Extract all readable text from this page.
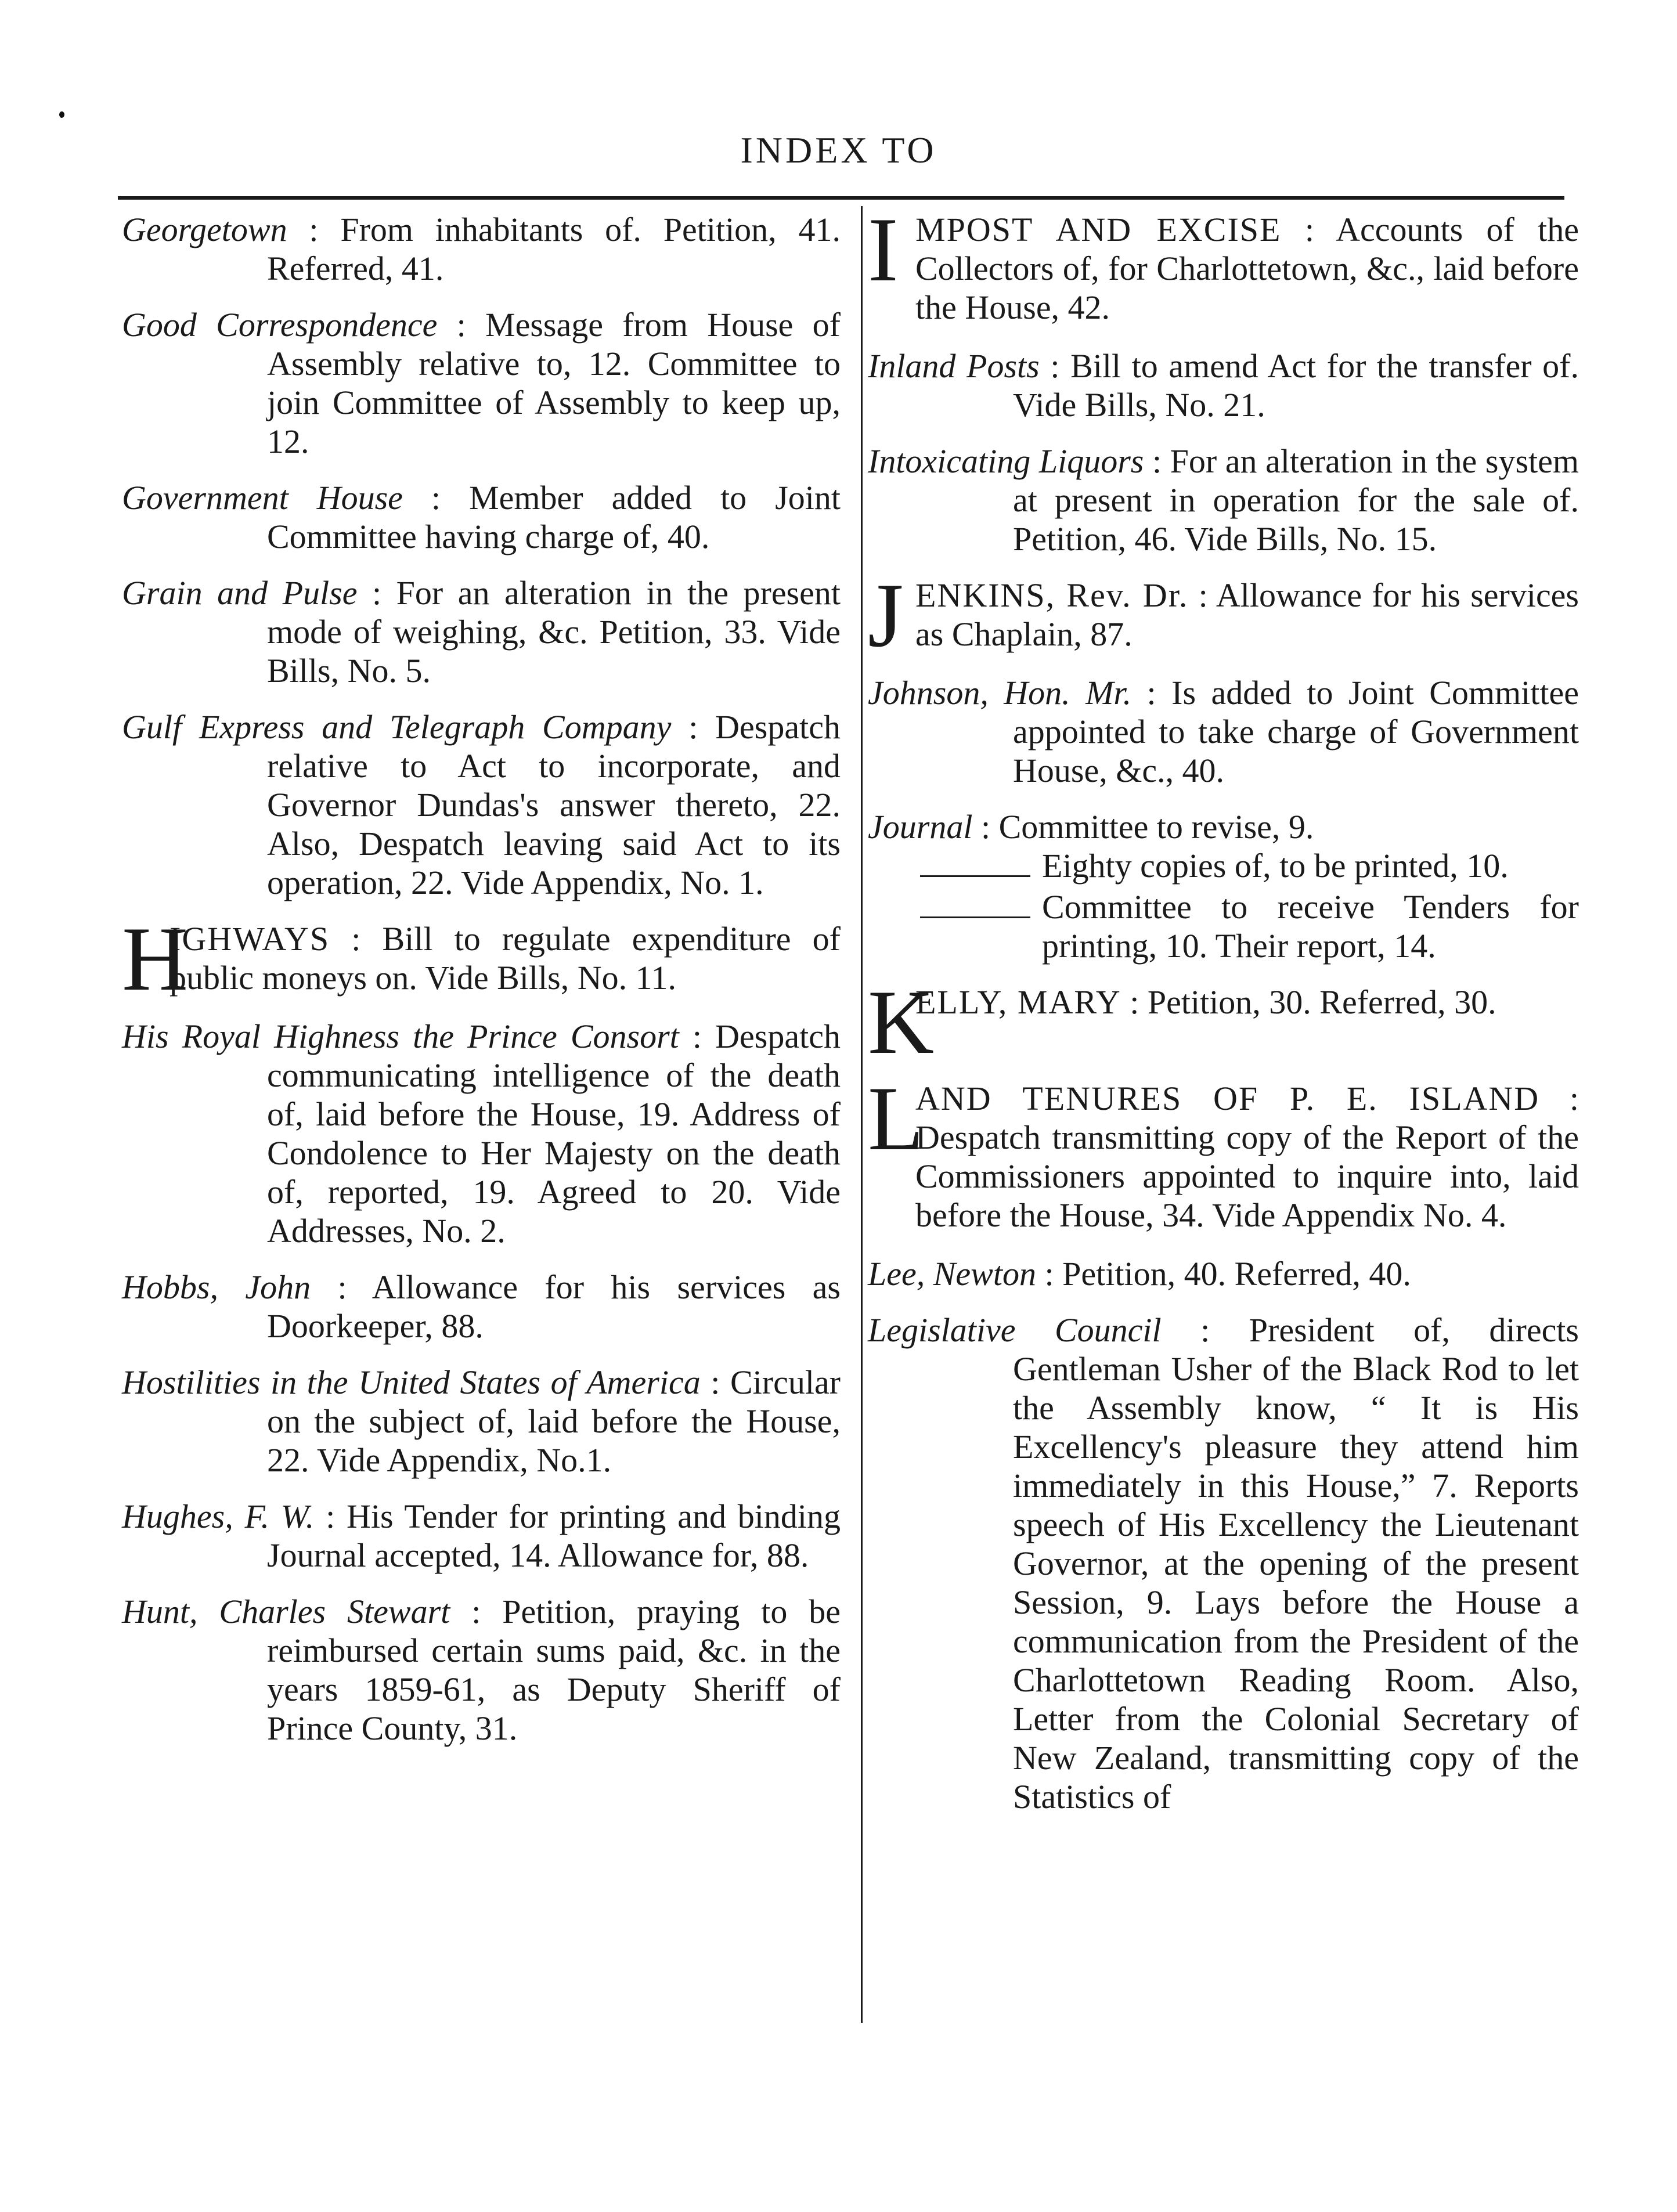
INDEX TO

Georgetown : From inhabitants of. Petition, 41. Referred, 41.

Good Correspondence : Message from House of Assembly relative to, 12. Committee to join Committee of Assembly to keep up, 12.

Government House : Member added to Joint Committee having charge of, 40.

Grain and Pulse : For an alteration in the present mode of weighing, &c. Petition, 33. Vide Bills, No. 5.

Gulf Express and Telegraph Company : Despatch relative to Act to incorporate, and Governor Dundas's answer thereto, 22. Also, Despatch leaving said Act to its operation, 22. Vide Appendix, No. 1.

H
IGHWAYS : Bill to regulate expenditure of public moneys on. Vide Bills, No. 11.

His Royal Highness the Prince Consort : Despatch communicating intelligence of the death of, laid before the House, 19. Address of Condolence to Her Majesty on the death of, reported, 19. Agreed to 20. Vide Addresses, No. 2.

Hobbs, John : Allowance for his services as Doorkeeper, 88.

Hostilities in the United States of America : Circular on the subject of, laid before the House, 22. Vide Appendix, No.1.

Hughes, F. W. : His Tender for printing and binding Journal accepted, 14. Allowance for, 88.

Hunt, Charles Stewart : Petition, praying to be reimbursed certain sums paid, &c. in the years 1859-61, as Deputy Sheriff of Prince County, 31.

I MPOST AND EXCISE : Accounts of the Collectors of, for Charlottetown, &c., laid before the House, 42.

Inland Posts : Bill to amend Act for the transfer of. Vide Bills, No. 21.

Intoxicating Liquors : For an alteration in the system at present in operation for the sale of. Petition, 46. Vide Bills, No. 15.

J ENKINS, Rev. Dr. : Allowance for his services as Chaplain, 87.

Johnson, Hon. Mr. : Is added to Joint Committee appointed to take charge of Government House, &c., 40.

Journal : Committee to revise, 9.

Eighty copies of, to be printed, 10.
Committee to receive Tenders for printing, 10. Their report, 14.
K
ELLY, MARY : Petition, 30. Referred, 30.
L
AND TENURES OF P. E. ISLAND : Despatch transmitting copy of the Report of the Commissioners appointed to inquire into, laid before the House, 34. Vide Appendix No. 4.

Lee, Newton : Petition, 40. Referred, 40.

Legislative Council : President of, directs Gentleman Usher of the Black Rod to let the Assembly know, “ It is His Excellency's pleasure they attend him immediately in this House,” 7. Reports speech of His Excellency the Lieutenant Governor, at the opening of the present Session, 9. Lays before the House a communication from the President of the Charlottetown Reading Room. Also, Letter from the Colonial Secretary of New Zealand, transmitting copy of the Statistics of
